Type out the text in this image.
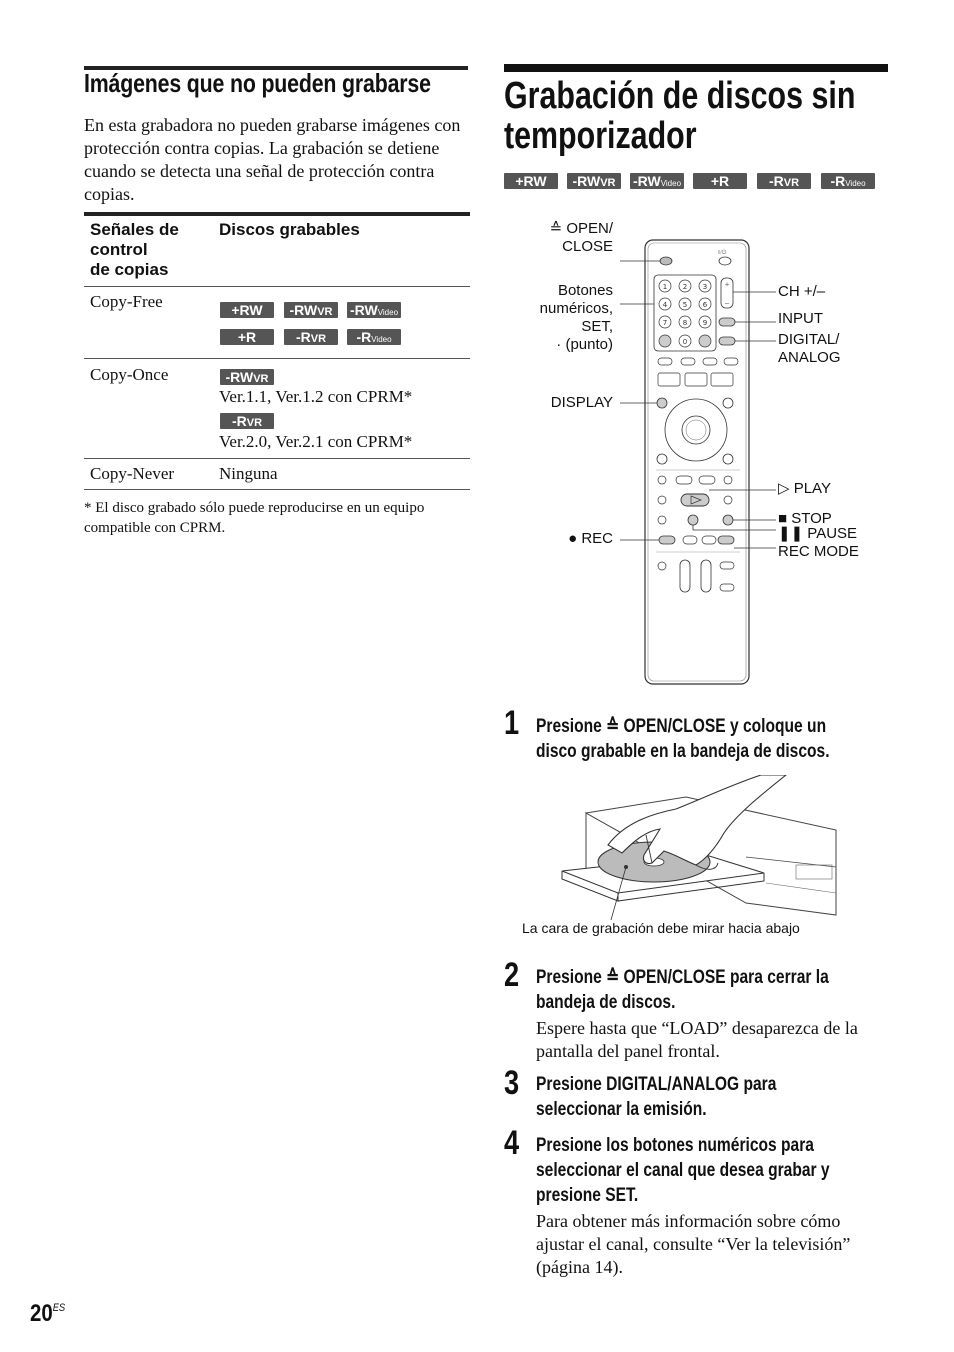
Imágenes que no pueden grabarse
En esta grabadora no pueden grabarse imágenes con protección contra copias. La grabación se detiene cuando se detecta una señal de protección contra copias.
Señales de
control
de copias
Discos grabables
Copy-Free	+RW	-RWVR	-RWVideo
+R	-RVR	-RVideo
Copy-Once	-RWVR
Ver.1.1, Ver.1.2 con CPRM*
-RVR
Ver.2.0, Ver.2.1 con CPRM*
Copy-Never	Ninguna
* El disco grabado sólo puede reproducirse en un equipo compatible con CPRM.
Grabación de discos sin
temporizador
+RW	-RWVR	-RWVideo	+R	-RVR	-RVideo
I/⏻
1 2 3
4 5 6
7 8 9
0
+
–
≙ OPEN/
CLOSE
Botones
numéricos,
SET,
· (punto)
DISPLAY
● REC
CH +/–
INPUT
DIGITAL/
ANALOG
▷ PLAY
■ STOP
❚❚ PAUSE
REC MODE
1 Presione ≙ OPEN/CLOSE y coloque un
disco grabable en la bandeja de discos.
La cara de grabación debe mirar hacia abajo
2 Presione ≙ OPEN/CLOSE para cerrar la
bandeja de discos.
Espere hasta que “LOAD” desaparezca de la pantalla del panel frontal.
3 Presione DIGITAL/ANALOG para
seleccionar la emisión.
4 Presione los botones numéricos para
seleccionar el canal que desea grabar y
presione SET.
Para obtener más información sobre cómo ajustar el canal, consulte “Ver la televisión” (página 14).
$20^{ES}$
